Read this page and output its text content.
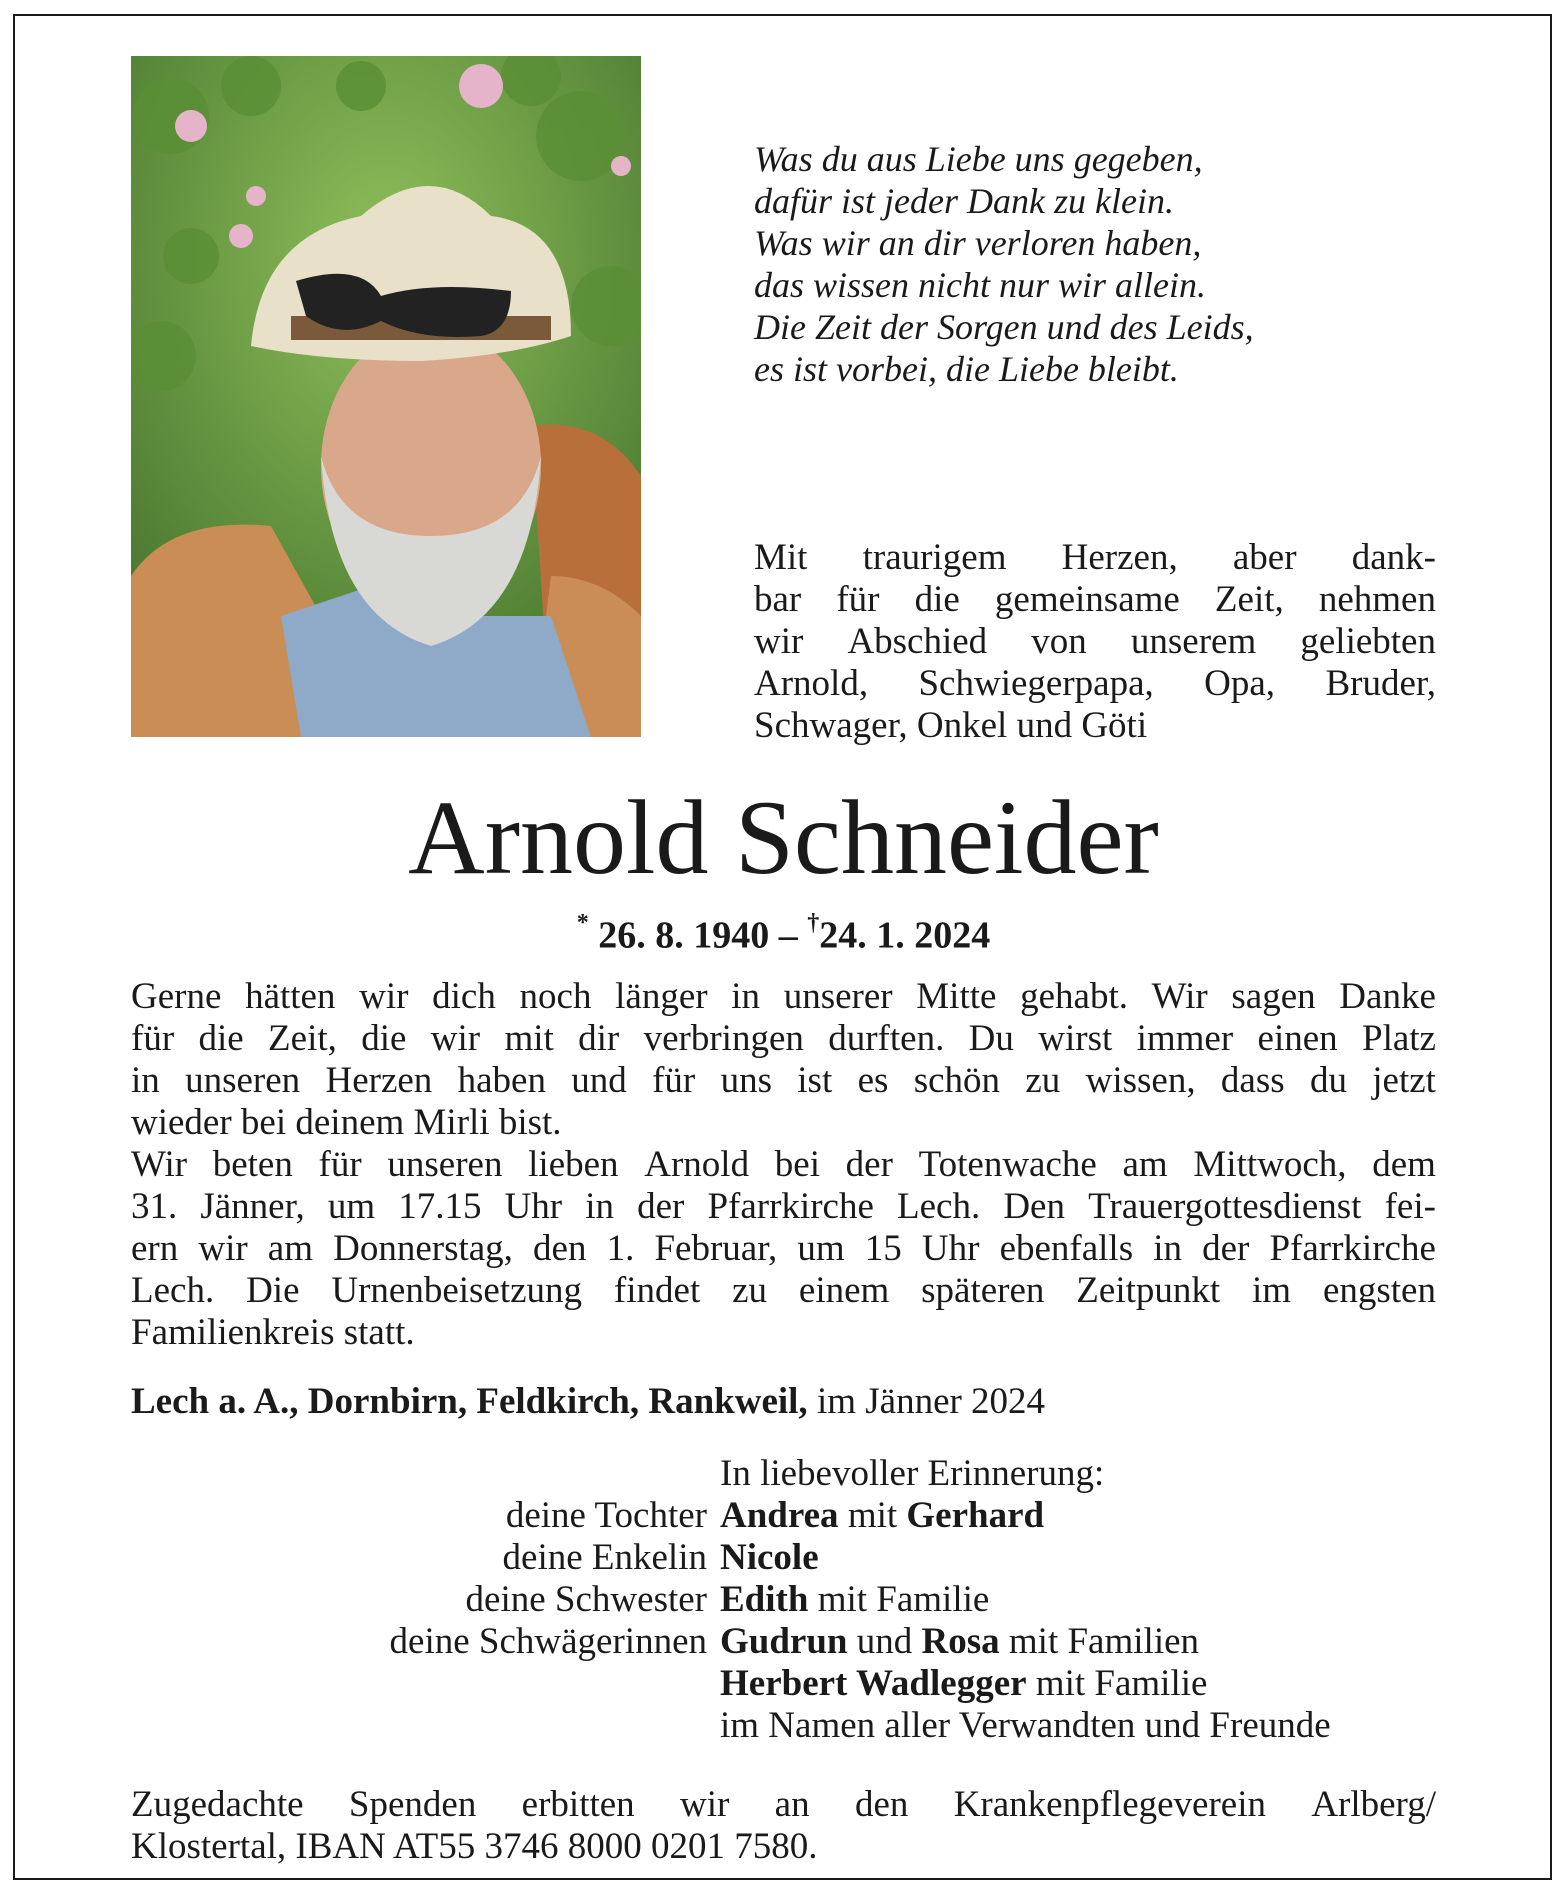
Was du aus Liebe uns gegeben,
dafür ist jeder Dank zu klein.
Was wir an dir verloren haben,
das wissen nicht nur wir allein.
Die Zeit der Sorgen und des Leids,
es ist vorbei, die Liebe bleibt.
Mit traurigem Herzen, aber dank-
bar für die gemeinsame Zeit, nehmen
wir Abschied von unserem geliebten
Arnold, Schwiegerpapa, Opa, Bruder,
Schwager, Onkel und Göti
Arnold Schneider
* 26. 8. 1940 – †24. 1. 2024
Gerne hätten wir dich noch länger in unserer Mitte gehabt. Wir sagen Danke
für die Zeit, die wir mit dir verbringen durften. Du wirst immer einen Platz
in unseren Herzen haben und für uns ist es schön zu wissen, dass du jetzt
wieder bei deinem Mirli bist.
Wir beten für unseren lieben Arnold bei der Totenwache am Mittwoch, dem
31. Jänner, um 17.15 Uhr in der Pfarrkirche Lech. Den Trauergottesdienst fei-
ern wir am Donnerstag, den 1. Februar, um 15 Uhr ebenfalls in der Pfarrkirche
Lech. Die Urnenbeisetzung findet zu einem späteren Zeitpunkt im engsten
Familienkreis statt.
Lech a. A., Dornbirn, Feldkirch, Rankweil, im Jänner 2024
In liebevoller Erinnerung:
deine Tochter Andrea mit Gerhard
deine Enkelin Nicole
deine Schwester Edith mit Familie
deine Schwägerinnen Gudrun und Rosa mit Familien
Herbert Wadlegger mit Familie
im Namen aller Verwandten und Freunde
Zugedachte Spenden erbitten wir an den Krankenpflegeverein Arlberg/
Klostertal, IBAN AT55 3746 8000 0201 7580.
